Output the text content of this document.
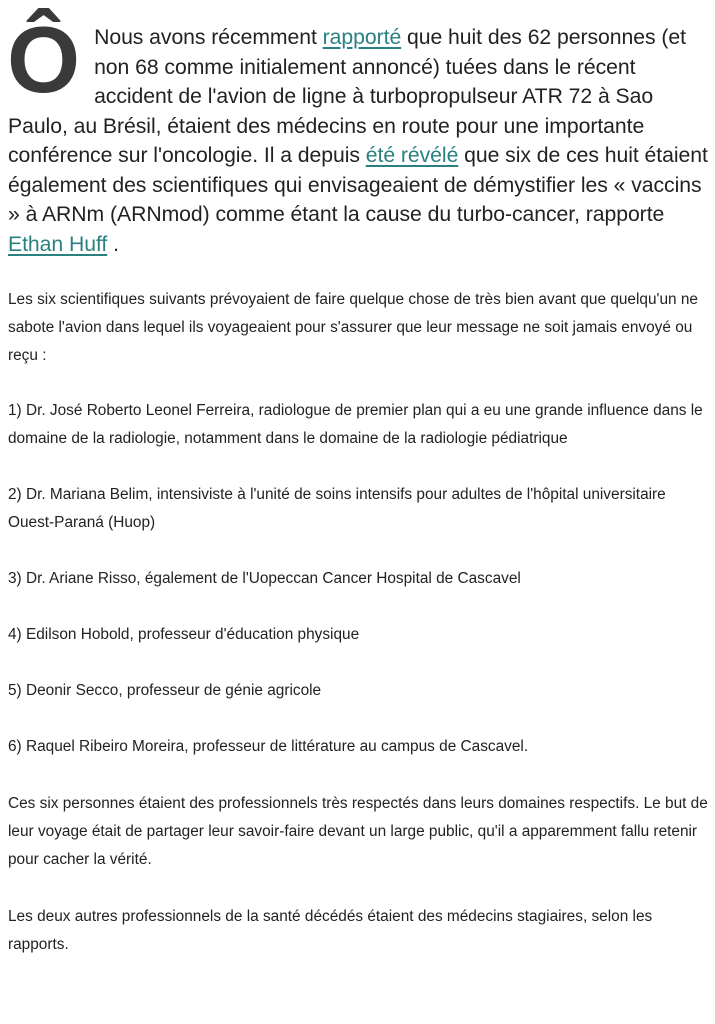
Ô Nous avons récemment rapporté que huit des 62 personnes (et non 68 comme initialement annoncé) tuées dans le récent accident de l'avion de ligne à turbopropulseur ATR 72 à Sao Paulo, au Brésil, étaient des médecins en route pour une importante conférence sur l'oncologie. Il a depuis été révélé que six de ces huit étaient également des scientifiques qui envisageaient de démystifier les « vaccins » à ARNm (ARNmod) comme étant la cause du turbo-cancer, rapporte Ethan Huff .

Les six scientifiques suivants prévoyaient de faire quelque chose de très bien avant que quelqu'un ne sabote l'avion dans lequel ils voyageaient pour s'assurer que leur message ne soit jamais envoyé ou reçu :

1) Dr. José Roberto Leonel Ferreira, radiologue de premier plan qui a eu une grande influence dans le domaine de la radiologie, notamment dans le domaine de la radiologie pédiatrique

2) Dr. Mariana Belim, intensiviste à l'unité de soins intensifs pour adultes de l'hôpital universitaire Ouest-Paraná (Huop)

3) Dr. Ariane Risso, également de l'Uopeccan Cancer Hospital de Cascavel

4) Edilson Hobold, professeur d'éducation physique

5) Deonir Secco, professeur de génie agricole

6) Raquel Ribeiro Moreira, professeur de littérature au campus de Cascavel.

Ces six personnes étaient des professionnels très respectés dans leurs domaines respectifs. Le but de leur voyage était de partager leur savoir-faire devant un large public, qu'il a apparemment fallu retenir pour cacher la vérité.

Les deux autres professionnels de la santé décédés étaient des médecins stagiaires, selon les rapports.
